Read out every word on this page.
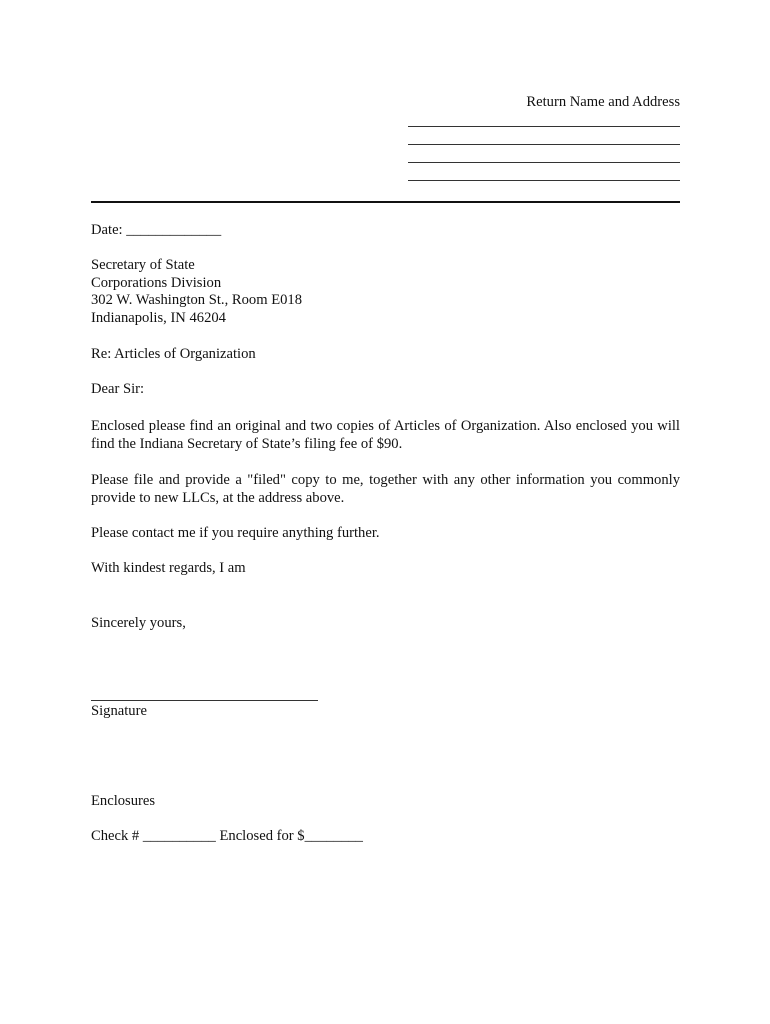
Return Name and Address
Date: _____________
Secretary of State
Corporations Division
302 W. Washington St., Room E018
Indianapolis, IN 46204
Re: Articles of Organization
Dear Sir:
Enclosed please find an original and two copies of Articles of Organization. Also enclosed you will find the Indiana Secretary of State’s filing fee of $90.
Please file and provide a "filed" copy to me, together with any other information you commonly provide to new LLCs, at the address above.
Please contact me if you require anything further.
With kindest regards, I am
Sincerely yours,
Signature
Enclosures
Check # __________ Enclosed for $________
